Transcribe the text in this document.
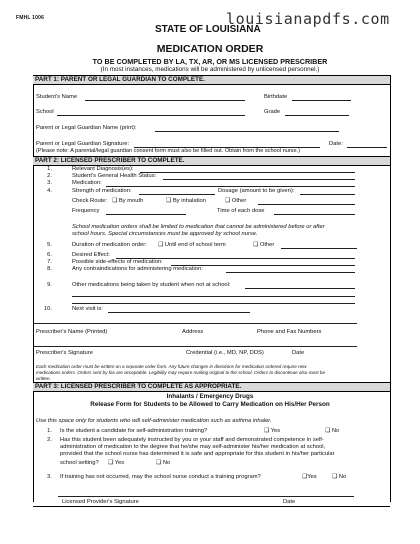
FMHL 1006
STATE OF LOUISIANA
louisianapdfs.com
MEDICATION ORDER
TO BE COMPLETED BY LA, TX, AR, OR MS LICENSED PRESCRIBER
(In most instances, medications will be administered by unlicensed personnel.)
PART 1: PARENT OR LEGAL GUARDIAN TO COMPLETE.
Student's Name	Birthdate
School	Grade
Parent or Legal Guardian Name (print):
Parent or Legal Guardian Signature:	Date:
(Please note: A parental/legal guardian consent form must also be filled out. Obtain from the school nurse.)
PART 2: LICENSED PRESCRIBER TO COMPLETE.
1.	Relevant Diagnosis(es):
2.	Student's General Health Status:
3.	Medication:
4.	Strength of medication:	Dosage (amount to be given):
Check Route: ❑ By mouth	❑ By inhalation	❑ Other
Frequency	Time of each dose
School medication orders shall be limited to medication that cannot be administered before or after
school hours. Special circumstances must be approved by school nurse.
5.	Duration of medication order: ❑ Until end of school term	❑ Other
6.	Desired Effect:
7.	Possible side-effects of medication:
8.	Any contraindications for administering medication:
9.	Other medications being taken by student when not at school:
10.	Next visit is:
Prescriber's Name (Printed)	Address	Phone and Fax Numbers
Prescriber's Signature	Credential (i.e., MD, NP, DDS)	Date
Each medication order must be written on a separate order form. Any future changes in directions for medication ordered require new
medications orders. Orders sent by fax are acceptable. Legibility may require mailing original to the school. Orders to discontinue also must be
written.
PART 3: LICENSED PRESCRIBER TO COMPLETE AS APPROPRIATE.
Inhalants / Emergency Drugs
Release Form for Students to be Allowed to Carry Medication on His/Her Person
Use this space only for students who will self-administer medication such as asthma inhaler.
1. Is the student a candidate for self-administration training?	❑ Yes	❑ No
2. Has this student been adequately instructed by you or your staff and demonstrated competence in self-
administration of medication to the degree that he/she may self-administer his/her medication at school,
provided that the school nurse has determined it is safe and appropriate for this student in his/her particular
school setting? ❑ Yes	❑ No
3. If training has not occurred, may the school nurse conduct a training program?	❑Yes	❑ No
Licensed Provider's Signature	Date
